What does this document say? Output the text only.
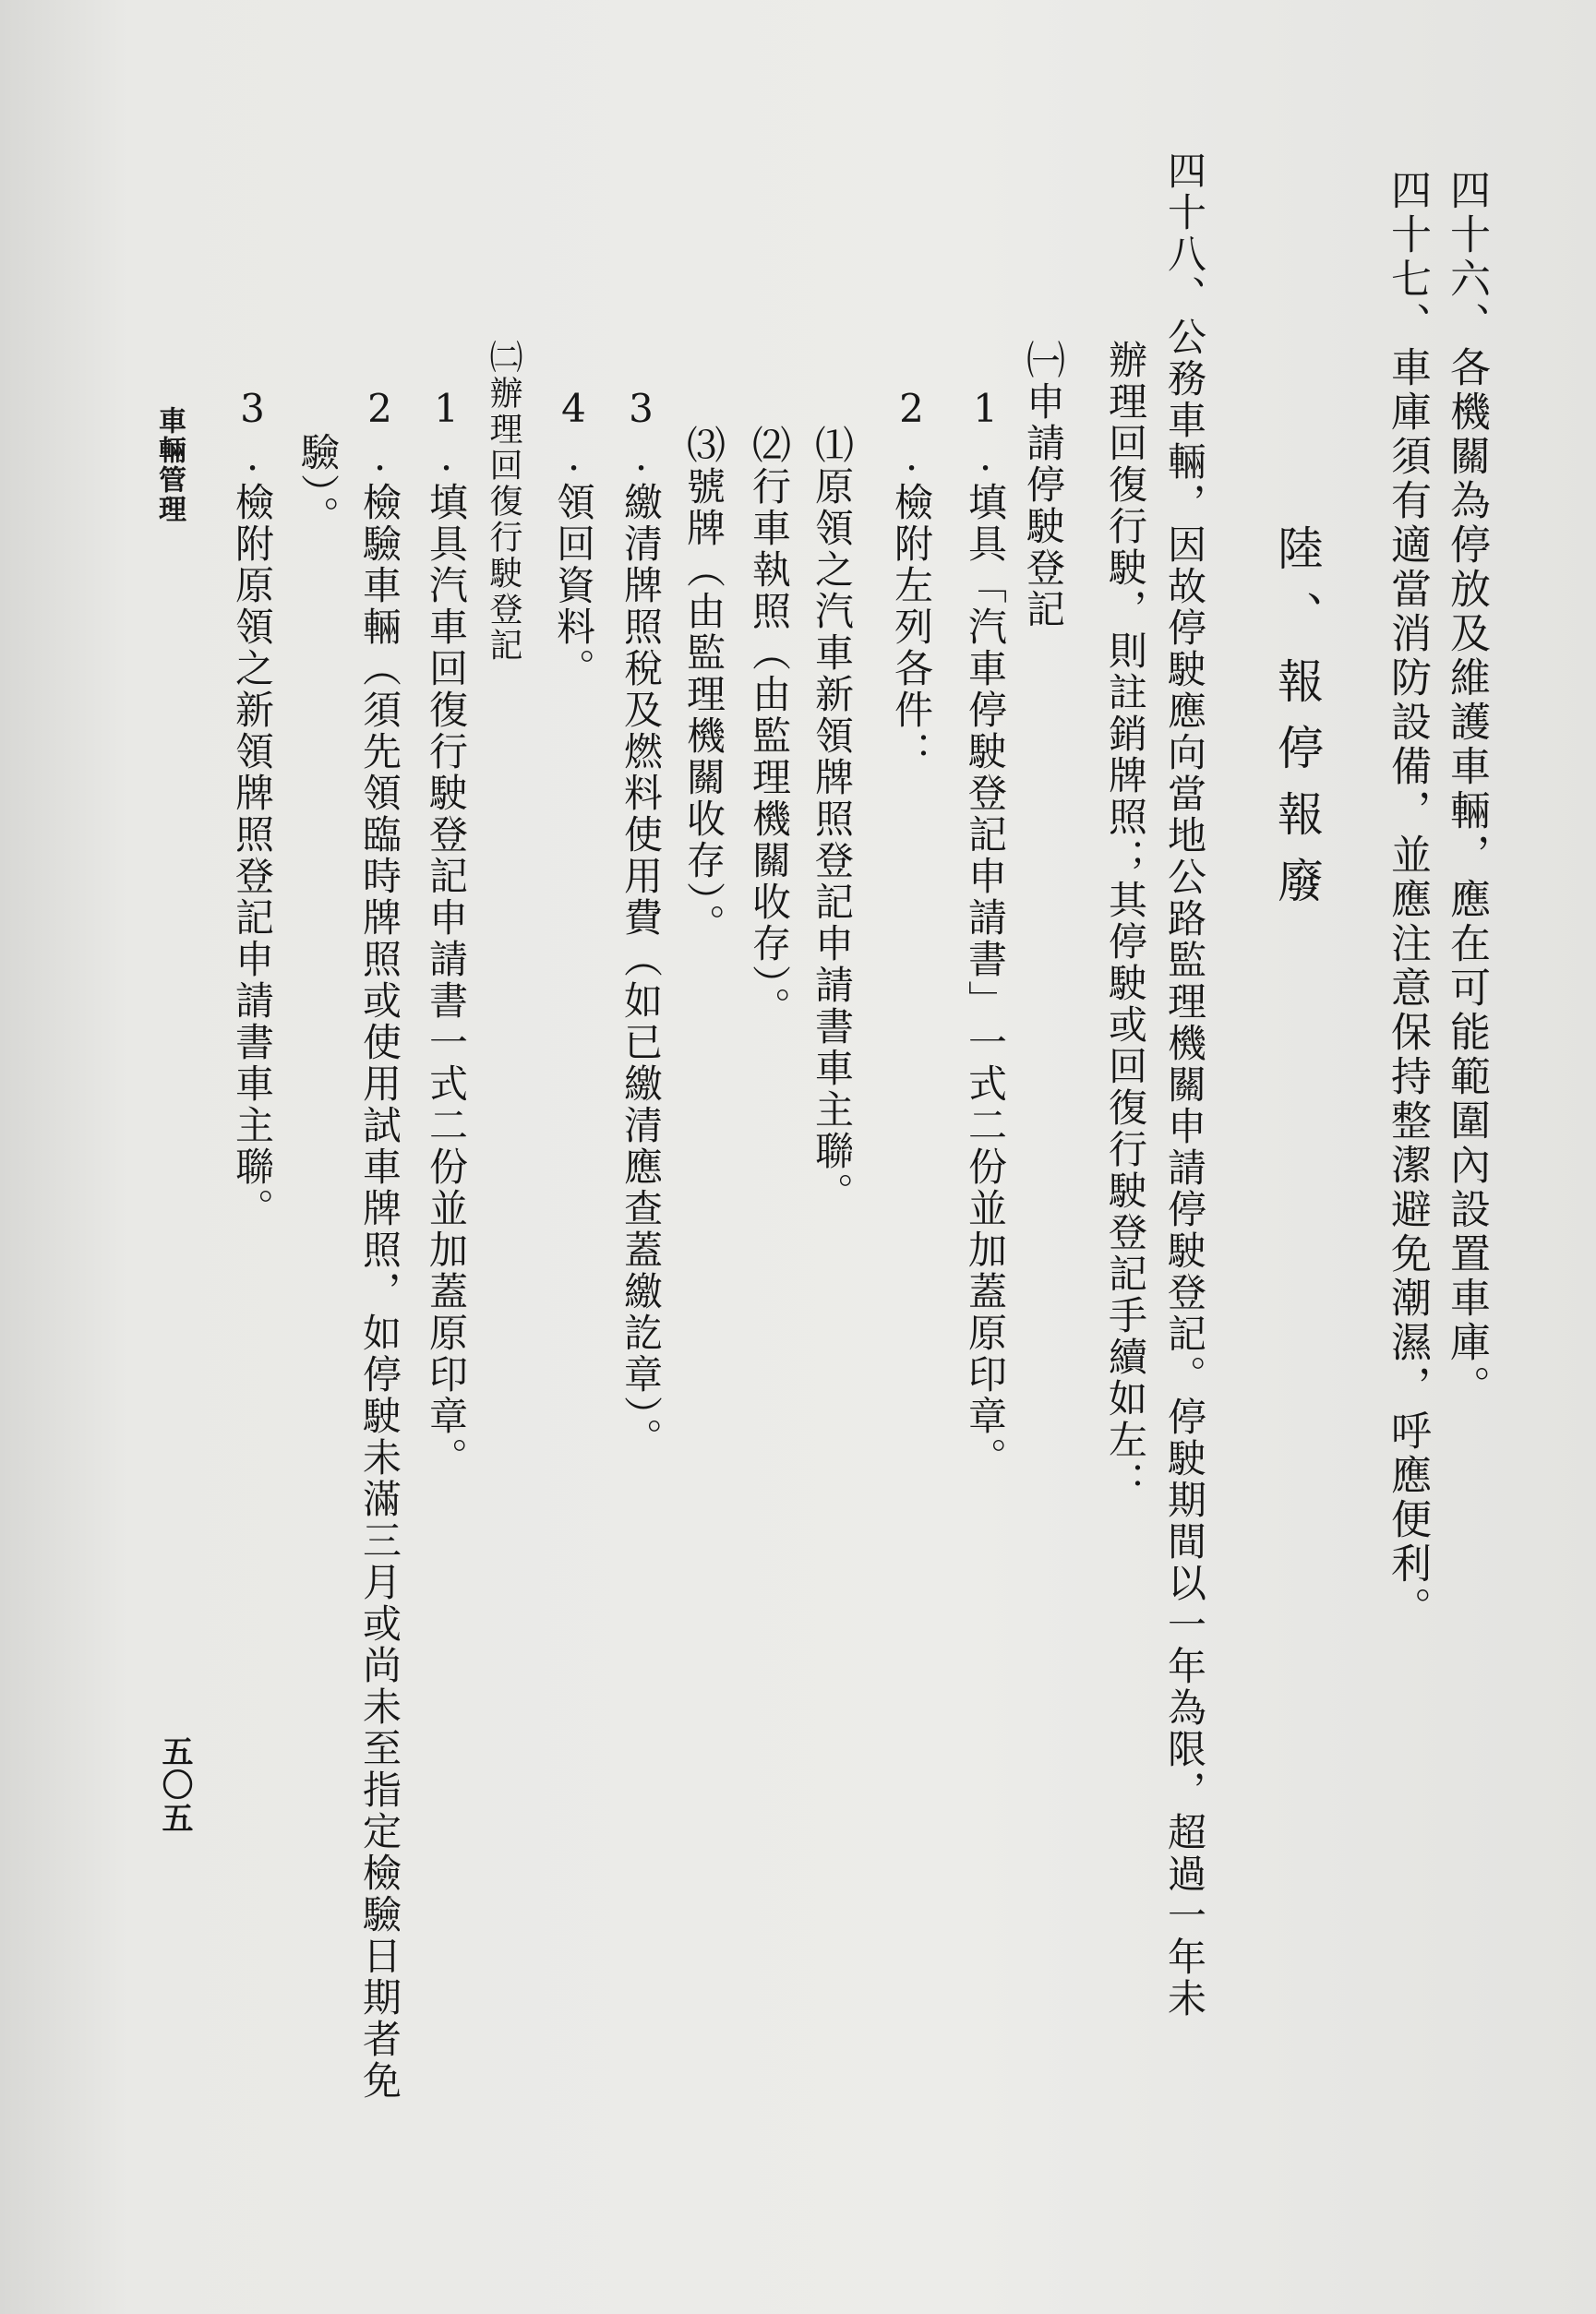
四十六、各機關為停放及維護車輛，應在可能範圍內設置車庫。
四十七、車庫須有適當消防設備，並應注意保持整潔避免潮濕，呼應便利。
陸、報停報廢
四十八、公務車輛，因故停駛應向當地公路監理機關申請停駛登記。停駛期間以一年為限，超過一年未
辦理回復行駛，則註銷牌照；其停駛或回復行駛登記手續如左：
㈠申請停駛登記
1.填具「汽車停駛登記申請書」一式二份並加蓋原印章。
2.檢附左列各件：
⑴原領之汽車新領牌照登記申請書車主聯。
⑵行車執照（由監理機關收存）。
⑶號牌（由監理機關收存）。
3.繳清牌照稅及燃料使用費（如已繳清應查蓋繳訖章）。
4.領回資料。
㈡辦理回復行駛登記
1.填具汽車回復行駛登記申請書一式二份並加蓋原印章。
2.檢驗車輛（須先領臨時牌照或使用試車牌照，如停駛未滿三月或尚未至指定檢驗日期者免
驗）。
3.檢附原領之新領牌照登記申請書車主聯。
車輛管理
五〇五
